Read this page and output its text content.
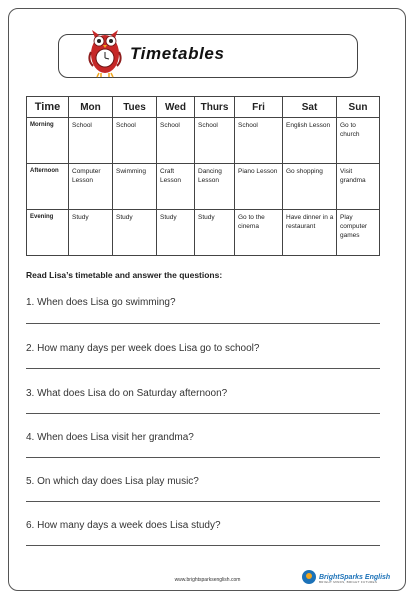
Timetables
Time	Mon	Tues	Wed	Thurs	Fri	Sat	Sun
Morning	School	School	School	School	School	English Lesson	Go to church
Afternoon	Computer Lesson	Swimming	Craft Lesson	Dancing Lesson	Piano Lesson	Go shopping	Visit grandma
Evening	Study	Study	Study	Study	Go to the cinema	Have dinner in a restaurant	Play computer games
Read Lisa’s timetable and answer the questions:
1. When does Lisa go swimming?
2. How many days per week does Lisa go to school?
3. What does Lisa do on Saturday afternoon?
4. When does Lisa visit her grandma?
5. On which day does Lisa play music?
6. How many days a week does Lisa study?
www.brightsparksenglish.com	BrightSparks English
BRIGHT MINDS, BRIGHT FUTURES
